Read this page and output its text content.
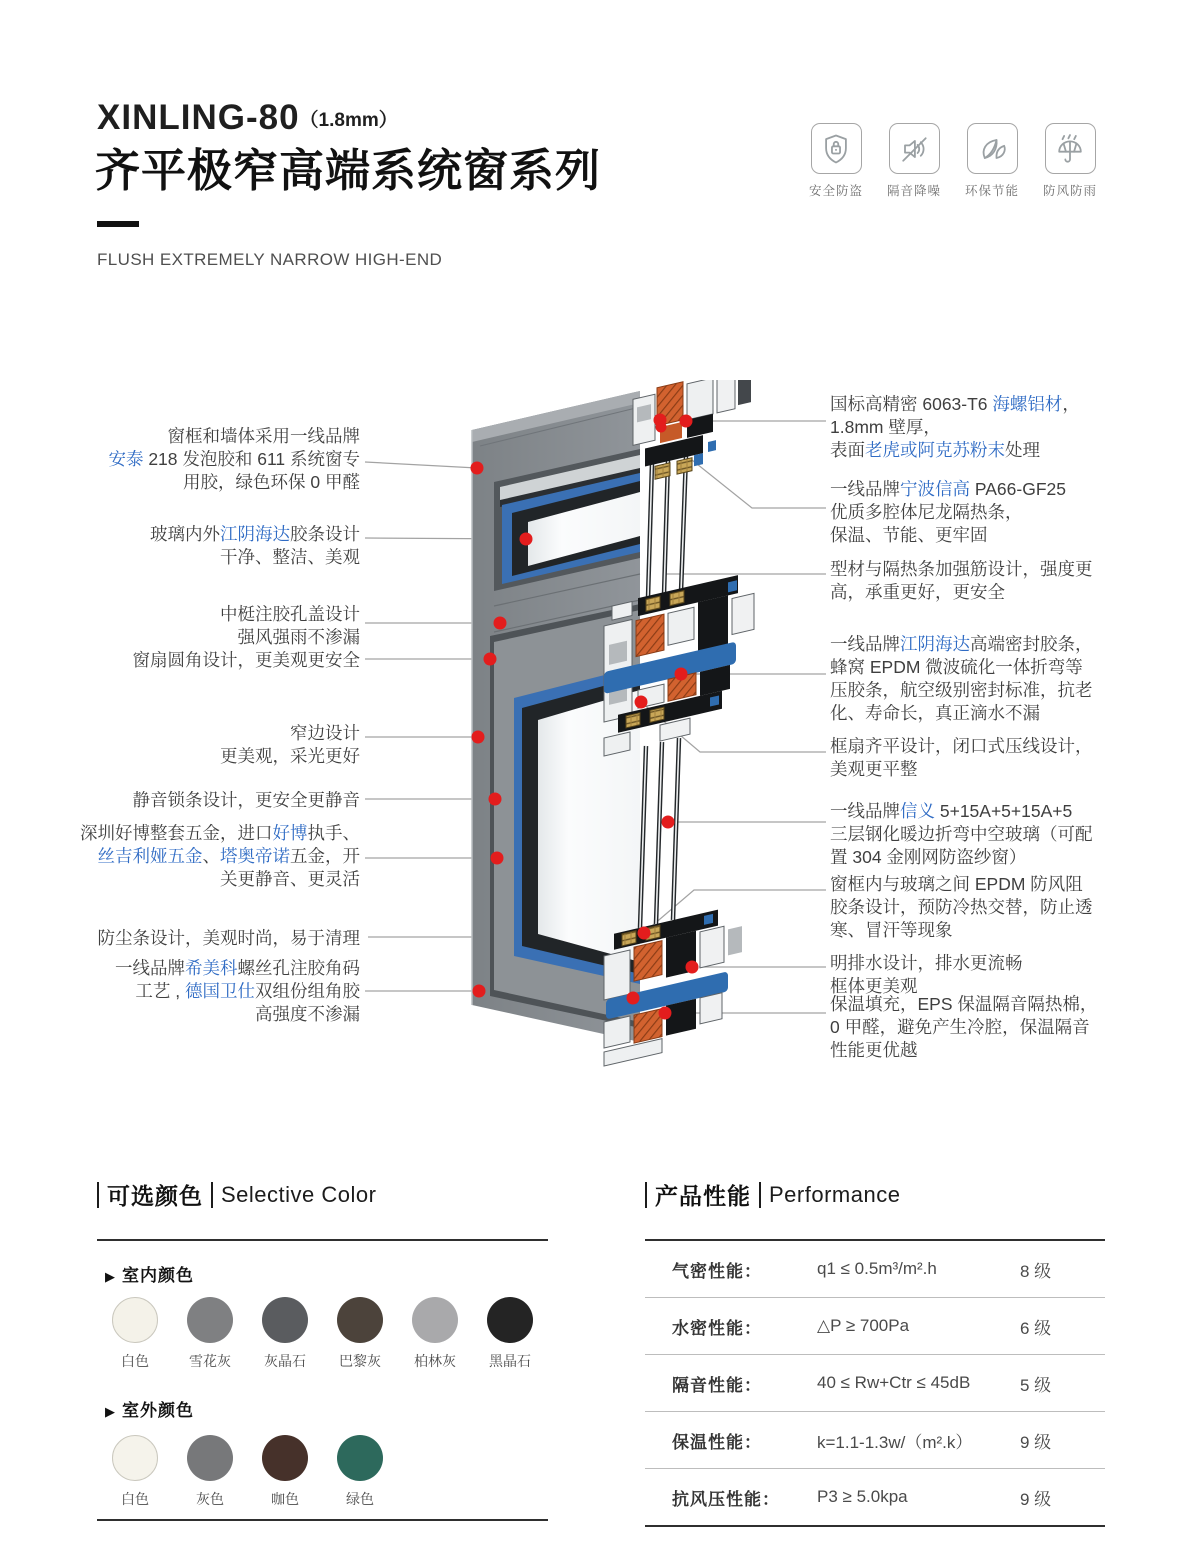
XINLING-80（1.8mm）
齐平极窄高端系统窗系列
FLUSH EXTREMELY NARROW HIGH-END
安全防盗	隔音降噪	环保节能	防风防雨
窗框和墙体采用一线品牌
安泰 218 发泡胶和 611 系统窗专
用胶，绿色环保 0 甲醛
玻璃内外江阴海达胶条设计
干净、整洁、美观
中梃注胶孔盖设计
强风强雨不渗漏
窗扇圆角设计，更美观更安全
窄边设计
更美观，采光更好
静音锁条设计，更安全更静音
深圳好博整套五金，进口好博执手、
丝吉利娅五金、塔奥帝诺五金，开
关更静音、更灵活
防尘条设计，美观时尚，易于清理
一线品牌希美科螺丝孔注胶角码
工艺 , 德国卫仕双组份组角胶
高强度不渗漏
国标高精密 6063-T6 海螺铝材，
1.8mm 壁厚，
表面老虎或阿克苏粉末处理
一线品牌宁波信高 PA66-GF25
优质多腔体尼龙隔热条，
保温、节能、更牢固
型材与隔热条加强筋设计，强度更
高，承重更好，更安全
一线品牌江阴海达高端密封胶条，
蜂窝 EPDM 微波硫化一体折弯等
压胶条，航空级别密封标准，抗老
化、寿命长，真正滴水不漏
框扇齐平设计，闭口式压线设计，
美观更平整
一线品牌信义 5+15A+5+15A+5
三层钢化暖边折弯中空玻璃（可配
置 304 金刚网防盗纱窗）
窗框内与玻璃之间 EPDM 防风阻
胶条设计，预防冷热交替，防止透
寒、冒汗等现象
明排水设计，排水更流畅
框体更美观
保温填充，EPS 保温隔音隔热棉，
0 甲醛，避免产生冷腔，保温隔音
性能更优越
可选颜色 Selective Color
▶ 室内颜色
白色	雪花灰 灰晶石 巴黎灰 柏林灰 黑晶石
▶ 室外颜色
白色	灰色	咖色	绿色
产品性能 Performance
气密性能：	q1 ≤ 0.5m³/m².h	8 级
水密性能：	△P ≥ 700Pa	6 级
隔音性能：	40 ≤ Rw+Ctr ≤ 45dB	5 级
保温性能：	k=1.1-1.3w/（m².k）	9 级
抗风压性能：	P3 ≥ 5.0kpa	9 级
